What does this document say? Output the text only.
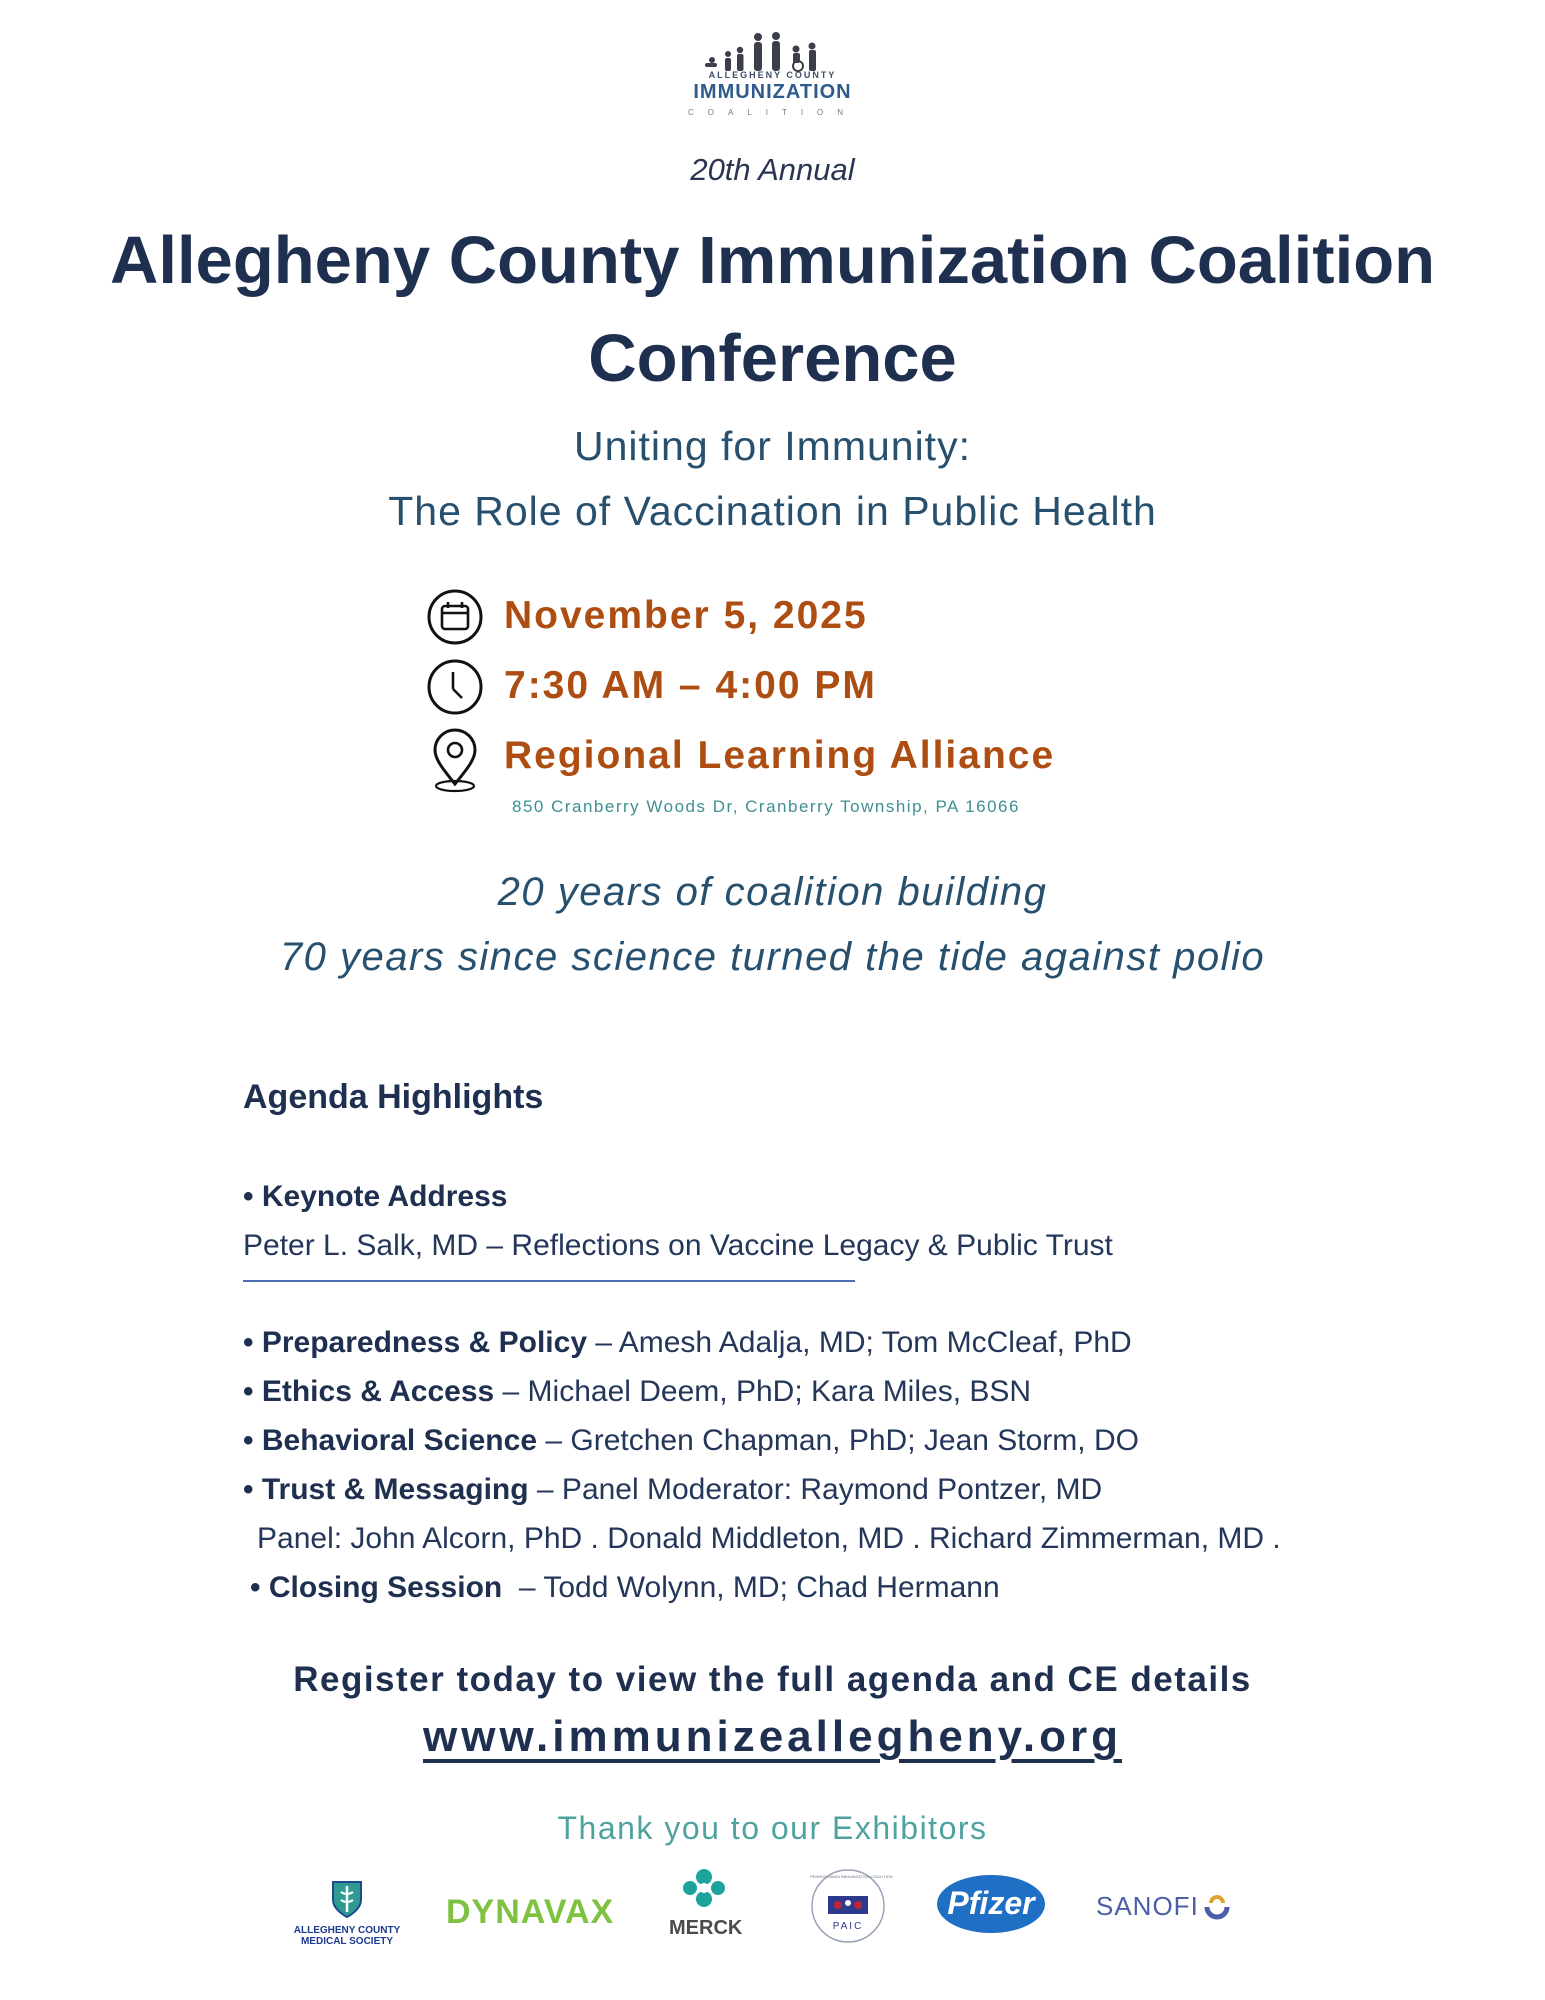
ALLEGHENY COUNTY
IMMUNIZATION
COALITION
20th Annual
Allegheny County Immunization Coalition
Conference
Uniting for Immunity:
The Role of Vaccination in Public Health
November 5, 2025
7:30 AM – 4:00 PM
Regional Learning Alliance
850 Cranberry Woods Dr, Cranberry Township, PA 16066
20 years of coalition building
70 years since science turned the tide against polio
Agenda Highlights
• Keynote Address
Peter L. Salk, MD – Reflections on Vaccine Legacy & Public Trust
• Preparedness & Policy – Amesh Adalja, MD; Tom McCleaf, PhD
• Ethics & Access – Michael Deem, PhD; Kara Miles, BSN
• Behavioral Science – Gretchen Chapman, PhD; Jean Storm, DO
• Trust & Messaging – Panel Moderator: Raymond Pontzer, MD
Panel: John Alcorn, PhD . Donald Middleton, MD . Richard Zimmerman, MD .
• Closing Session  – Todd Wolynn, MD; Chad Hermann
Register today to view the full agenda and CE details
www.immunizeallegheny.org
Thank you to our Exhibitors
ALLEGHENY COUNTY
MEDICAL SOCIETY
DYNAVAX	MERCK	PAIC
PENNSYLVANIA IMMUNIZATION COALITION
Pfizer	SANOFI
